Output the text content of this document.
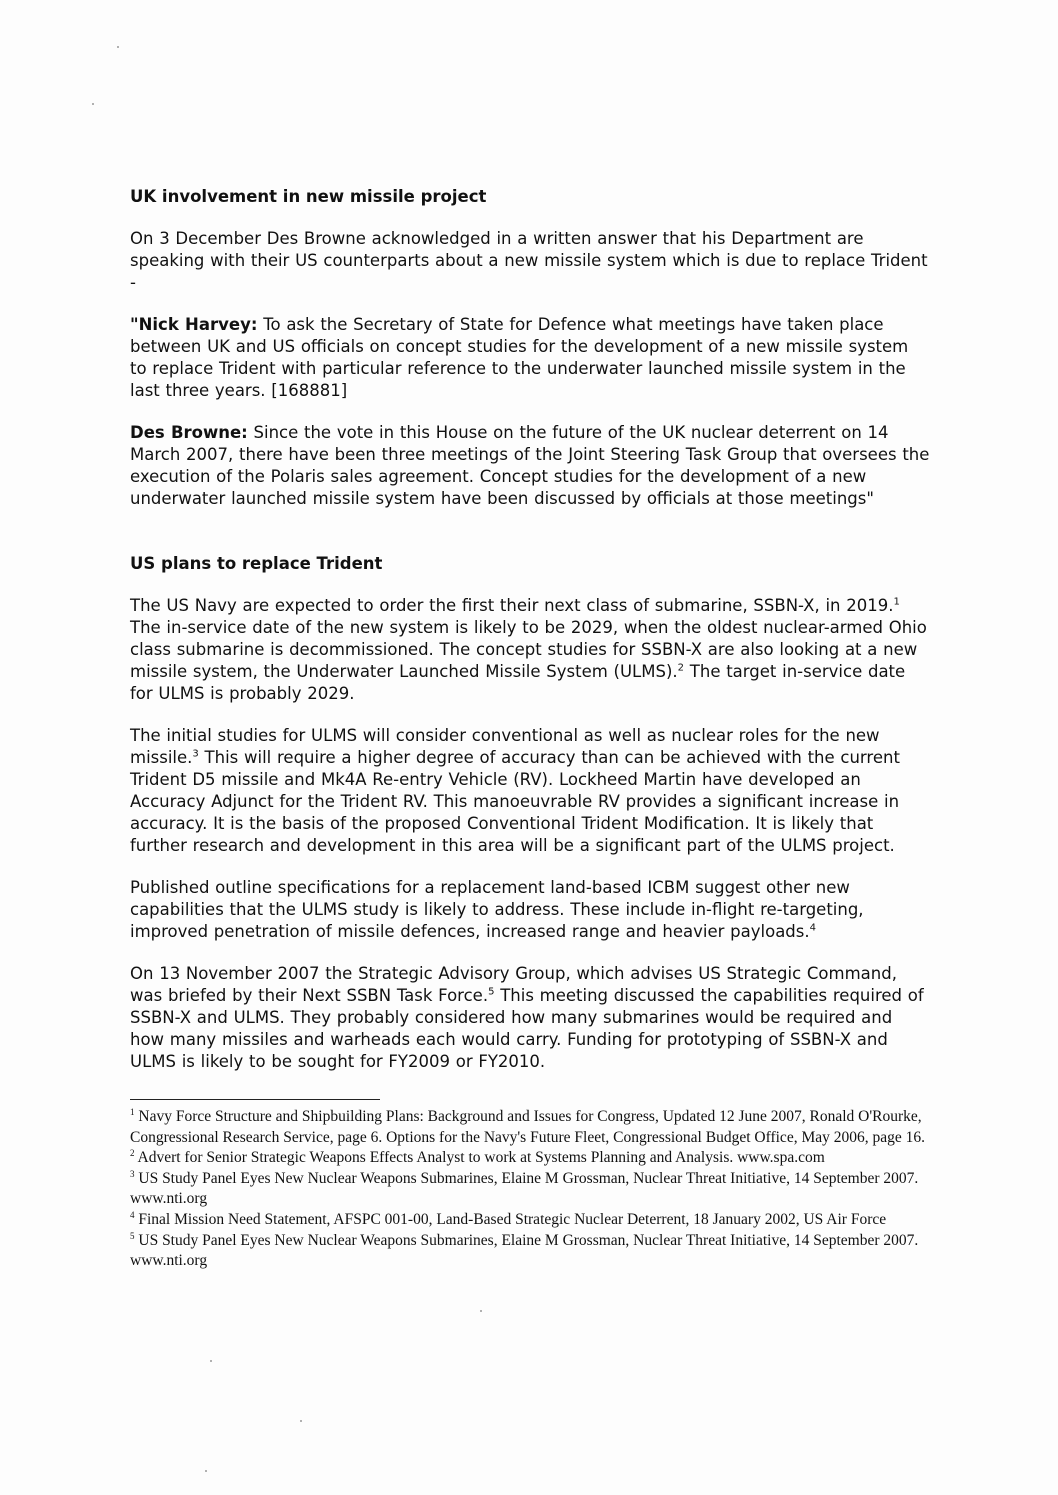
UK involvement in new missile project

On 3 December Des Browne acknowledged in a written answer that his Department are speaking with their US counterparts about a new missile system which is due to replace Trident -

"Nick Harvey: To ask the Secretary of State for Defence what meetings have taken place between UK and US officials on concept studies for the development of a new missile system to replace Trident with particular reference to the underwater launched missile system in the last three years. [168881]

Des Browne: Since the vote in this House on the future of the UK nuclear deterrent on 14 March 2007, there have been three meetings of the Joint Steering Task Group that oversees the execution of the Polaris sales agreement. Concept studies for the development of a new underwater launched missile system have been discussed by officials at those meetings"

US plans to replace Trident

The US Navy are expected to order the first their next class of submarine, SSBN-X, in 2019.$^1$ The in-service date of the new system is likely to be 2029, when the oldest nuclear-armed Ohio class submarine is decommissioned. The concept studies for SSBN-X are also looking at a new missile system, the Underwater Launched Missile System (ULMS).$^2$ The target in-service date for ULMS is probably 2029.

The initial studies for ULMS will consider conventional as well as nuclear roles for the new missile.$^3$ This will require a higher degree of accuracy than can be achieved with the current Trident D5 missile and Mk4A Re-entry Vehicle (RV). Lockheed Martin have developed an Accuracy Adjunct for the Trident RV. This manoeuvrable RV provides a significant increase in accuracy. It is the basis of the proposed Conventional Trident Modification. It is likely that further research and development in this area will be a significant part of the ULMS project.

Published outline specifications for a replacement land-based ICBM suggest other new capabilities that the ULMS study is likely to address. These include in-flight re-targeting, improved penetration of missile defences, increased range and heavier payloads.$^4$

On 13 November 2007 the Strategic Advisory Group, which advises US Strategic Command, was briefed by their Next SSBN Task Force.$^5$ This meeting discussed the capabilities required of SSBN-X and ULMS. They probably considered how many submarines would be required and how many missiles and warheads each would carry. Funding for prototyping of SSBN-X and ULMS is likely to be sought for FY2009 or FY2010.

$^1$ Navy Force Structure and Shipbuilding Plans: Background and Issues for Congress, Updated 12 June 2007, Ronald O'Rourke, Congressional Research Service, page 6. Options for the Navy's Future Fleet, Congressional Budget Office, May 2006, page 16.

$^2$ Advert for Senior Strategic Weapons Effects Analyst to work at Systems Planning and Analysis. www.spa.com

$^3$ US Study Panel Eyes New Nuclear Weapons Submarines, Elaine M Grossman, Nuclear Threat Initiative, 14 September 2007. www.nti.org

$^4$ Final Mission Need Statement, AFSPC 001-00, Land-Based Strategic Nuclear Deterrent, 18 January 2002, US Air Force

$^5$ US Study Panel Eyes New Nuclear Weapons Submarines, Elaine M Grossman, Nuclear Threat Initiative, 14 September 2007. www.nti.org
